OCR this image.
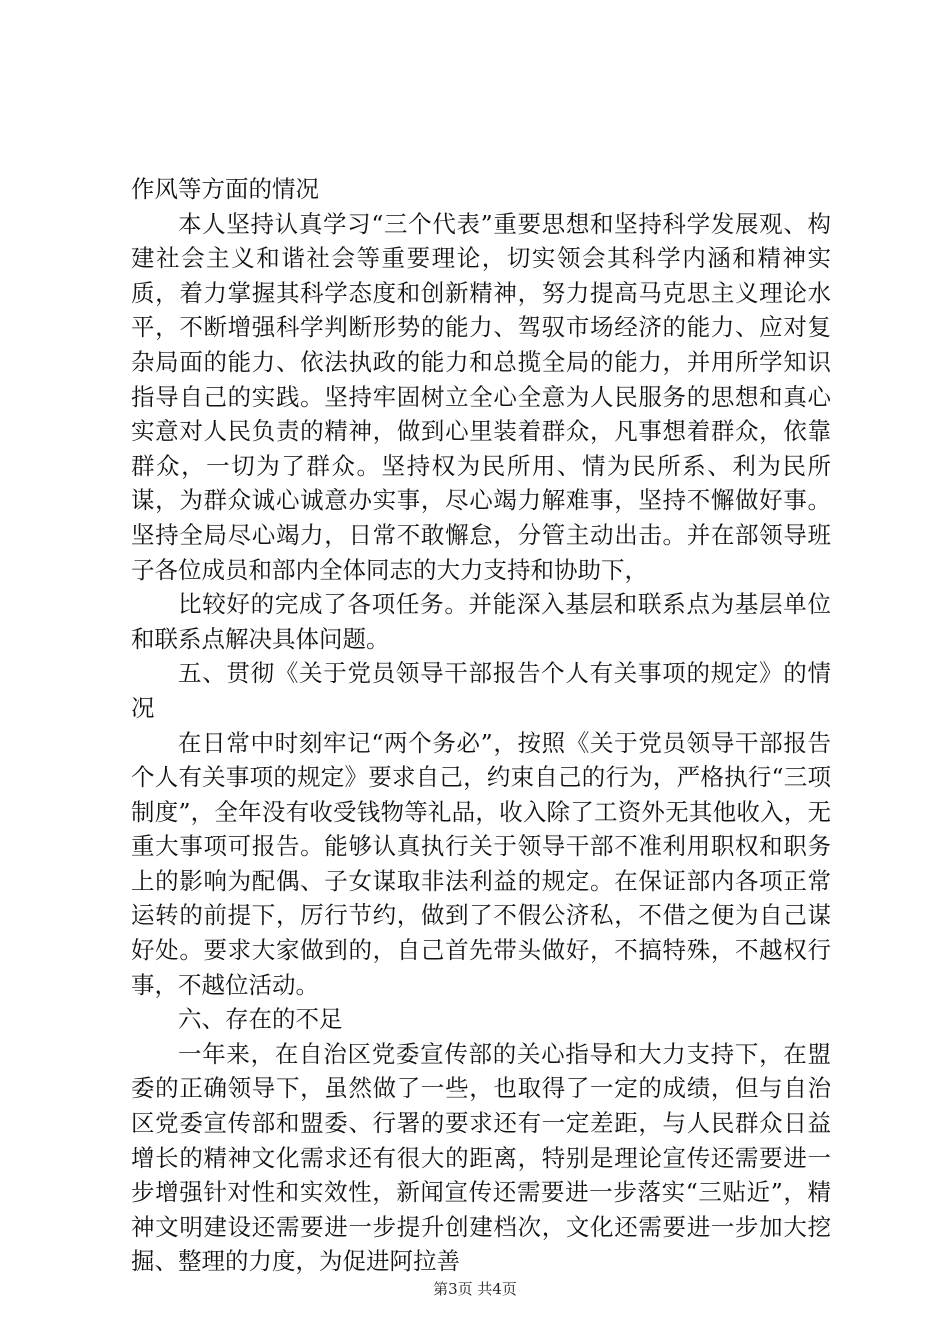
作风等方面的情况

本人坚持认真学习“三个代表”重要思想和坚持科学发展观、构建社会主义和谐社会等重要理论，切实领会其科学内涵和精神实质，着力掌握其科学态度和创新精神，努力提高马克思主义理论水平，不断增强科学判断形势的能力、驾驭市场经济的能力、应对复杂局面的能力、依法执政的能力和总揽全局的能力，并用所学知识指导自己的实践。坚持牢固树立全心全意为人民服务的思想和真心实意对人民负责的精神，做到心里装着群众，凡事想着群众，依靠群众，一切为了群众。坚持权为民所用、情为民所系、利为民所谋，为群众诚心诚意办实事，尽心竭力解难事，坚持不懈做好事。坚持全局尽心竭力，日常不敢懈怠，分管主动出击。并在部领导班子各位成员和部内全体同志的大力支持和协助下，

比较好的完成了各项任务。并能深入基层和联系点为基层单位和联系点解决具体问题。

五、贯彻《关于党员领导干部报告个人有关事项的规定》的情况

在日常中时刻牢记“两个务必”，按照《关于党员领导干部报告个人有关事项的规定》要求自己，约束自己的行为，严格执行“三项制度”，全年没有收受钱物等礼品，收入除了工资外无其他收入，无重大事项可报告。能够认真执行关于领导干部不准利用职权和职务上的影响为配偶、子女谋取非法利益的规定。在保证部内各项正常运转的前提下，厉行节约，做到了不假公济私，不借之便为自己谋好处。要求大家做到的，自己首先带头做好，不搞特殊，不越权行事，不越位活动。

六、存在的不足

一年来，在自治区党委宣传部的关心指导和大力支持下，在盟委的正确领导下，虽然做了一些，也取得了一定的成绩，但与自治区党委宣传部和盟委、行署的要求还有一定差距，与人民群众日益增长的精神文化需求还有很大的距离，特别是理论宣传还需要进一步增强针对性和实效性，新闻宣传还需要进一步落实“三贴近”，精神文明建设还需要进一步提升创建档次，文化还需要进一步加大挖掘、整理的力度，为促进阿拉善

第3页 共4页
